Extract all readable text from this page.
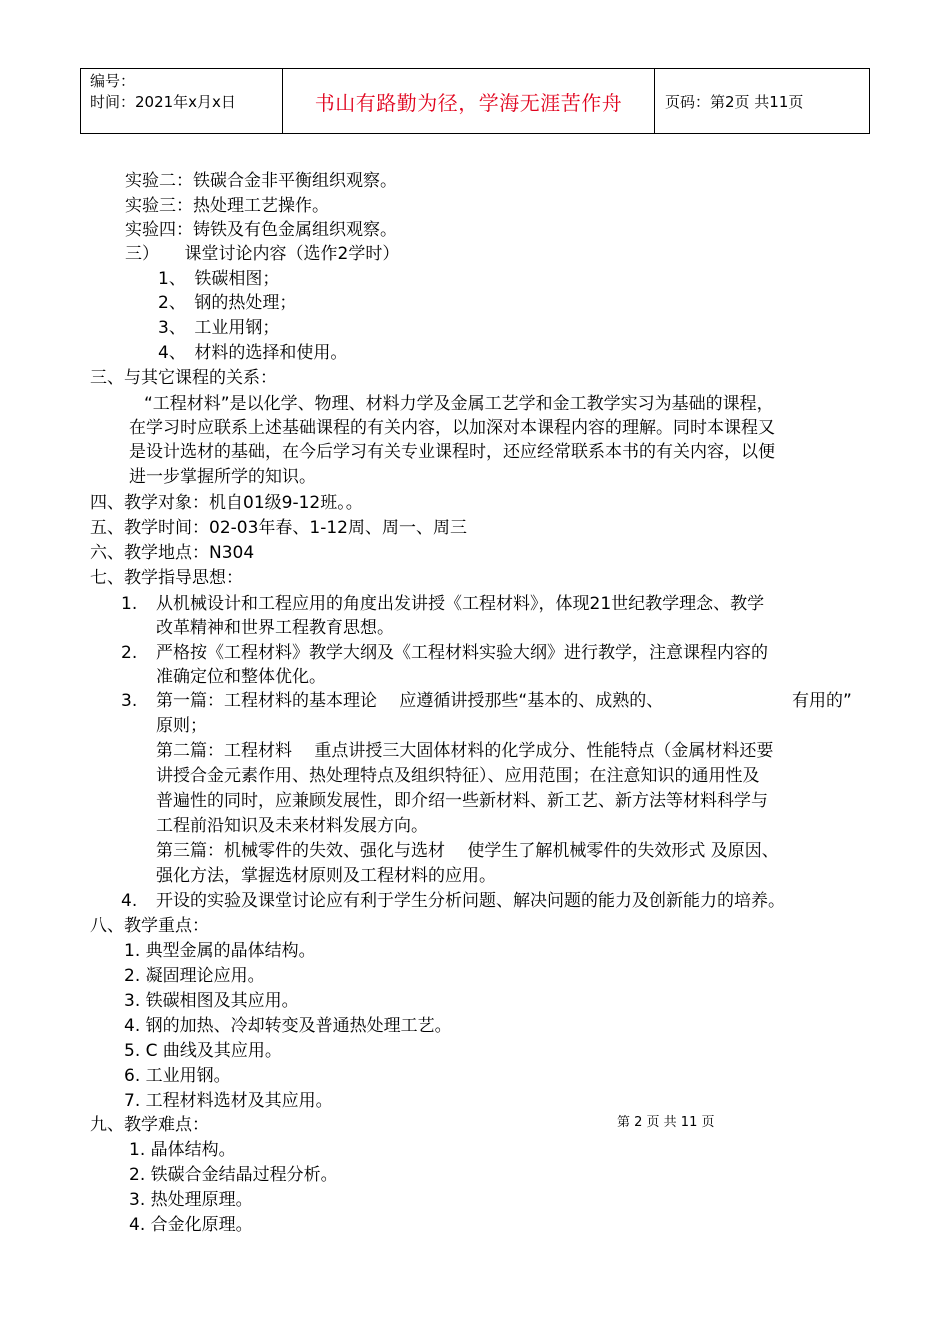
编号：
时间：2021年x月x日	书山有路勤为径，学海无涯苦作舟	页码：第2页 共11页
实验二：铁碳合金非平衡组织观察。
实验三：热处理工艺操作。
实验四：铸铁及有色金属组织观察。
三）　　课堂讨论内容（选作2学时）
1、　铁碳相图；
2、　钢的热处理；
3、　工业用钢；
4、　材料的选择和使用。
三、与其它课程的关系：
“工程材料”是以化学、物理、材料力学及金属工艺学和金工教学实习为基础的课程，
在学习时应联系上述基础课程的有关内容，以加深对本课程内容的理解。同时本课程又
是设计选材的基础，在今后学习有关专业课程时，还应经常联系本书的有关内容，以便
进一步掌握所学的知识。
四、教学对象：机自01级9-12班。。
五、教学时间：02-03年春、1-12周、周一、周三
六、教学地点：N304
七、教学指导思想：
1. 从机械设计和工程应用的角度出发讲授《工程材料》，体现21世纪教学理念、教学
改革精神和世界工程教育思想。
2. 严格按《工程材料》教学大纲及《工程材料实验大纲》进行教学，注意课程内容的
准确定位和整体优化。
3. 第一篇：工程材料的基本理论　 应遵循讲授那些“基本的、成熟的、	有用的”
原则；
第二篇：工程材料　 重点讲授三大固体材料的化学成分、性能特点（金属材料还要
讲授合金元素作用、热处理特点及组织特征）、应用范围；在注意知识的通用性及
普遍性的同时，应兼顾发展性，即介绍一些新材料、新工艺、新方法等材料科学与
工程前沿知识及未来材料发展方向。
第三篇：机械零件的失效、强化与选材　 使学生了解机械零件的失效形式 及原因、
强化方法，掌握选材原则及工程材料的应用。
4. 开设的实验及课堂讨论应有利于学生分析问题、解决问题的能力及创新能力的培养。
八、教学重点：
1. 典型金属的晶体结构。
2. 凝固理论应用。
3. 铁碳相图及其应用。
4. 钢的加热、冷却转变及普通热处理工艺。
5. C 曲线及其应用。
6. 工业用钢。
7. 工程材料选材及其应用。
九、教学难点：
1. 晶体结构。
2. 铁碳合金结晶过程分析。
3. 热处理原理。
4. 合金化原理。
第 2 页 共 11 页
